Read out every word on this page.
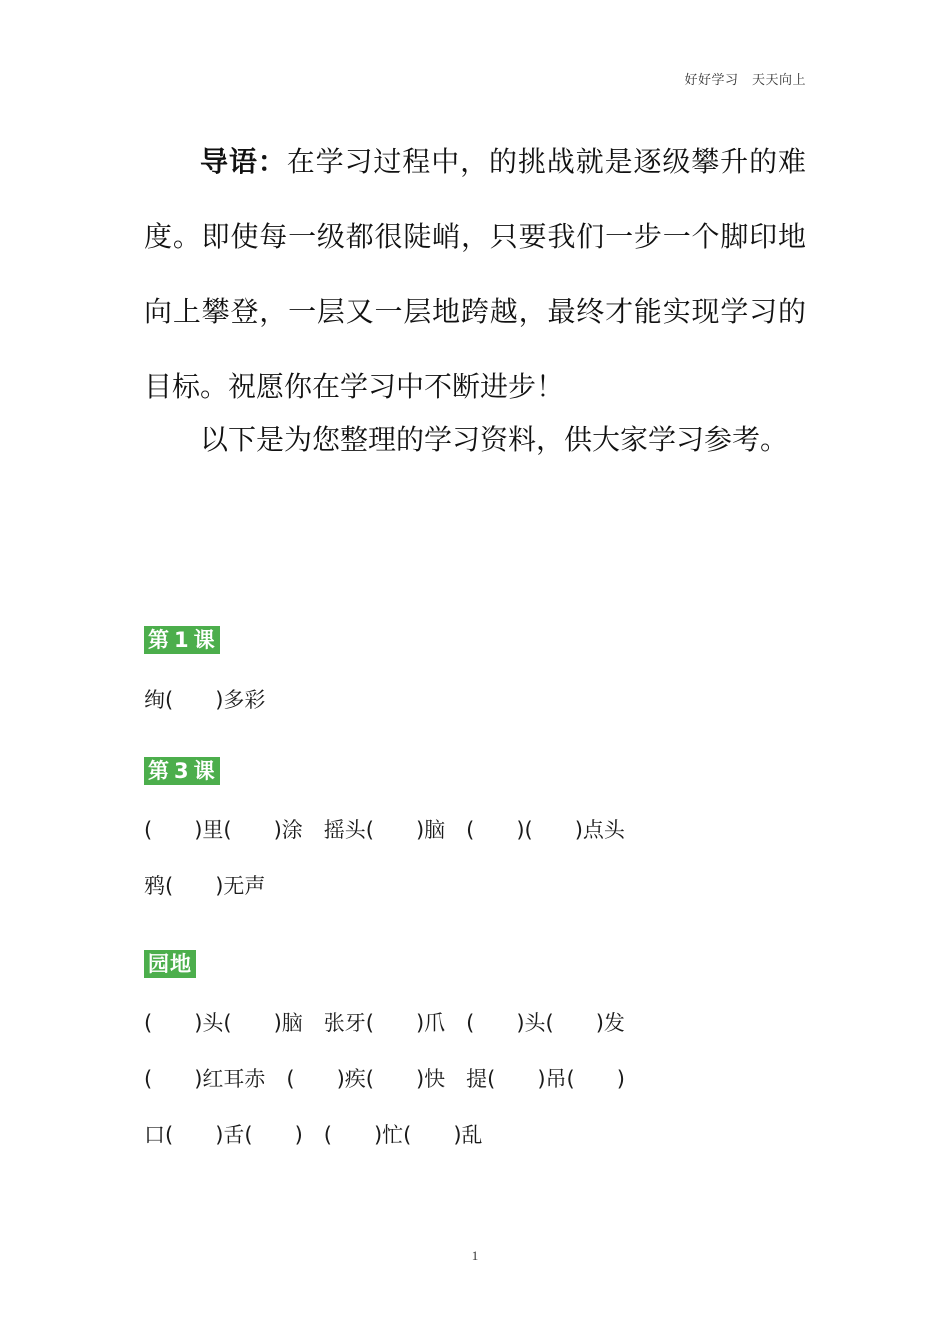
好好学习　天天向上

导语：在学习过程中，的挑战就是逐级攀升的难度。即使每一级都很陡峭，只要我们一步一个脚印地向上攀登，一层又一层地跨越，最终才能实现学习的目标。祝愿你在学习中不断进步！

以下是为您整理的学习资料，供大家学习参考。

第 1 课
绚(　　)多彩
第 3 课
(　　)里(　　)涂　摇头(　　)脑　(　　)(　　)点头
鸦(　　)无声
园地
(　　)头(　　)脑　张牙(　　)爪　(　　)头(　　)发
(　　)红耳赤　(　　)疾(　　)快　提(　　)吊(　　)
口(　　)舌(　　)　(　　)忙(　　)乱
1
